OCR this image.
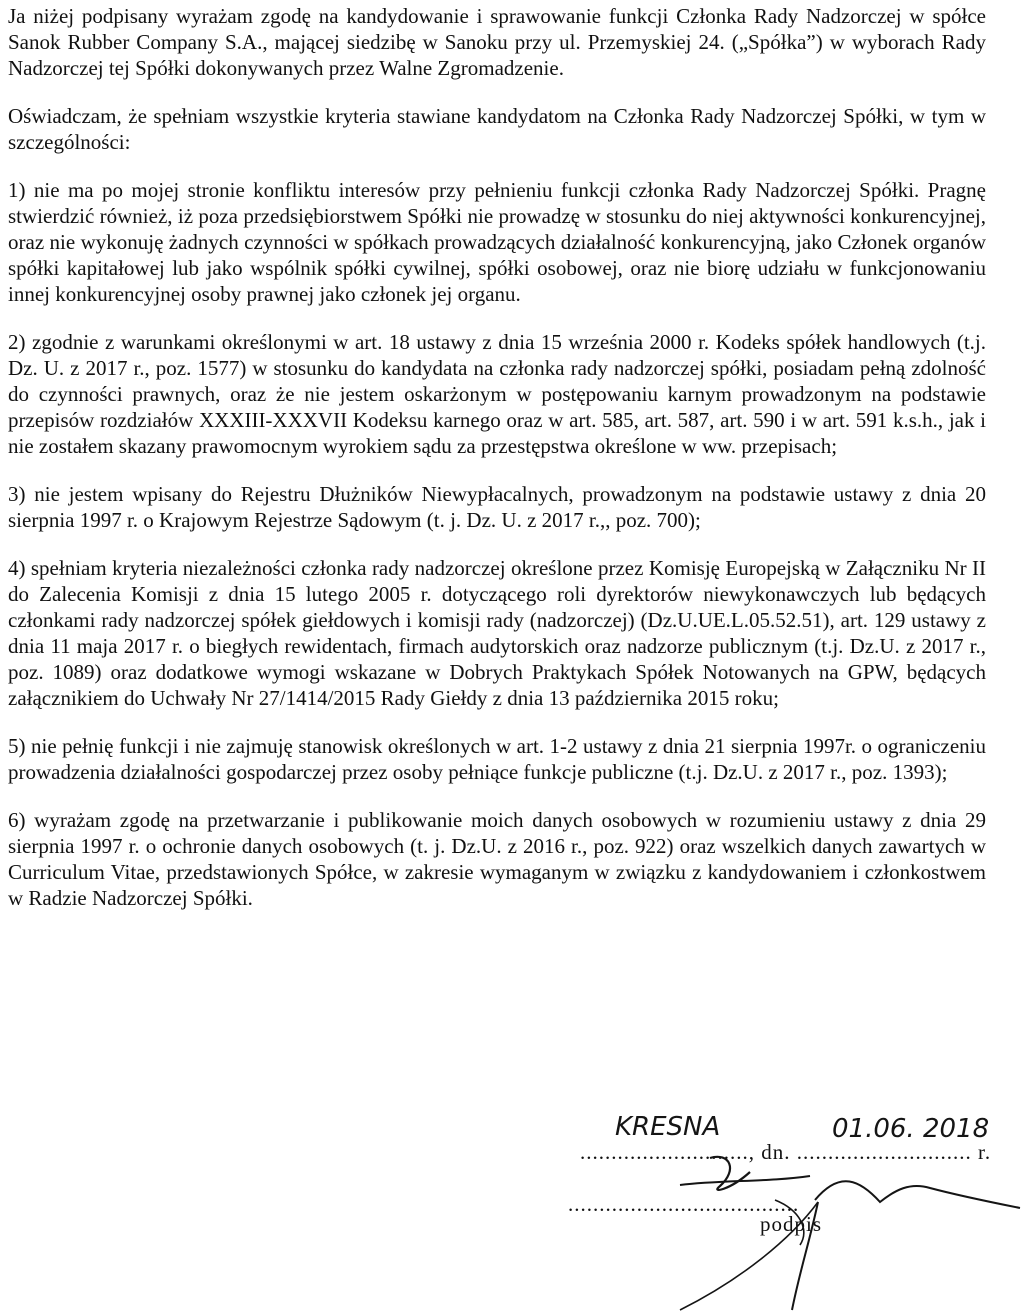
Ja niżej podpisany wyrażam zgodę na kandydowanie i sprawowanie funkcji Członka Rady Nadzorczej w spółce Sanok Rubber Company S.A., mającej siedzibę w Sanoku przy ul. Przemyskiej 24. („Spółka”) w wyborach Rady Nadzorczej tej Spółki dokonywanych przez Walne Zgromadzenie.

Oświadczam, że spełniam wszystkie kryteria stawiane kandydatom na Członka Rady Nadzorczej Spółki, w tym w szczególności:

1) nie ma po mojej stronie konfliktu interesów przy pełnieniu funkcji członka Rady Nadzorczej Spółki. Pragnę stwierdzić również, iż poza przedsiębiorstwem Spółki nie prowadzę w stosunku do niej aktywności konkurencyjnej, oraz nie wykonuję żadnych czynności w spółkach prowadzących działalność konkurencyjną, jako Członek organów spółki kapitałowej lub jako wspólnik spółki cywilnej, spółki osobowej, oraz nie biorę udziału w funkcjonowaniu innej konkurencyjnej osoby prawnej jako członek jej organu.

2) zgodnie z warunkami określonymi w art. 18 ustawy z dnia 15 września 2000 r. Kodeks spółek handlowych (t.j. Dz. U. z 2017 r., poz. 1577) w stosunku do kandydata na członka rady nadzorczej spółki, posiadam pełną zdolność do czynności prawnych, oraz że nie jestem oskarżonym w postępowaniu karnym prowadzonym na podstawie przepisów rozdziałów XXXIII-XXXVII Kodeksu karnego oraz w art. 585, art. 587, art. 590 i w art. 591 k.s.h., jak i nie zostałem skazany prawomocnym wyrokiem sądu za przestępstwa określone w ww. przepisach;

3) nie jestem wpisany do Rejestru Dłużników Niewypłacalnych, prowadzonym na podstawie ustawy z dnia 20 sierpnia 1997 r. o Krajowym Rejestrze Sądowym (t. j. Dz. U. z 2017 r.,, poz. 700);

4) spełniam kryteria niezależności członka rady nadzorczej określone przez Komisję Europejską w Załączniku Nr II do Zalecenia Komisji z dnia 15 lutego 2005 r. dotyczącego roli dyrektorów niewykonawczych lub będących członkami rady nadzorczej spółek giełdowych i komisji rady (nadzorczej) (Dz.U.UE.L.05.52.51), art. 129 ustawy z dnia 11 maja 2017 r. o biegłych rewidentach, firmach audytorskich oraz nadzorze publicznym (t.j. Dz.U. z 2017 r., poz. 1089) oraz dodatkowe wymogi wskazane w Dobrych Praktykach Spółek Notowanych na GPW, będących załącznikiem do Uchwały Nr 27/1414/2015 Rady Giełdy z dnia 13 października 2015 roku;

5) nie pełnię funkcji i nie zajmuję stanowisk określonych w art. 1-2 ustawy z dnia 21 sierpnia 1997r. o ograniczeniu prowadzenia działalności gospodarczej przez osoby pełniące funkcje publiczne (t.j. Dz.U. z 2017 r., poz. 1393);

6) wyrażam zgodę na przetwarzanie i publikowanie moich danych osobowych w rozumieniu ustawy z dnia 29 sierpnia 1997 r. o ochronie danych osobowych (t. j. Dz.U. z 2016 r., poz. 922) oraz wszelkich danych zawartych w Curriculum Vitae, przedstawionych Spółce, w zakresie wymaganym w związku z kandydowaniem i członkostwem w Radzie Nadzorczej Spółki.

..........................., dn. ............................ r.
KRESNA	01.06. 2018
.....................................
podpis
